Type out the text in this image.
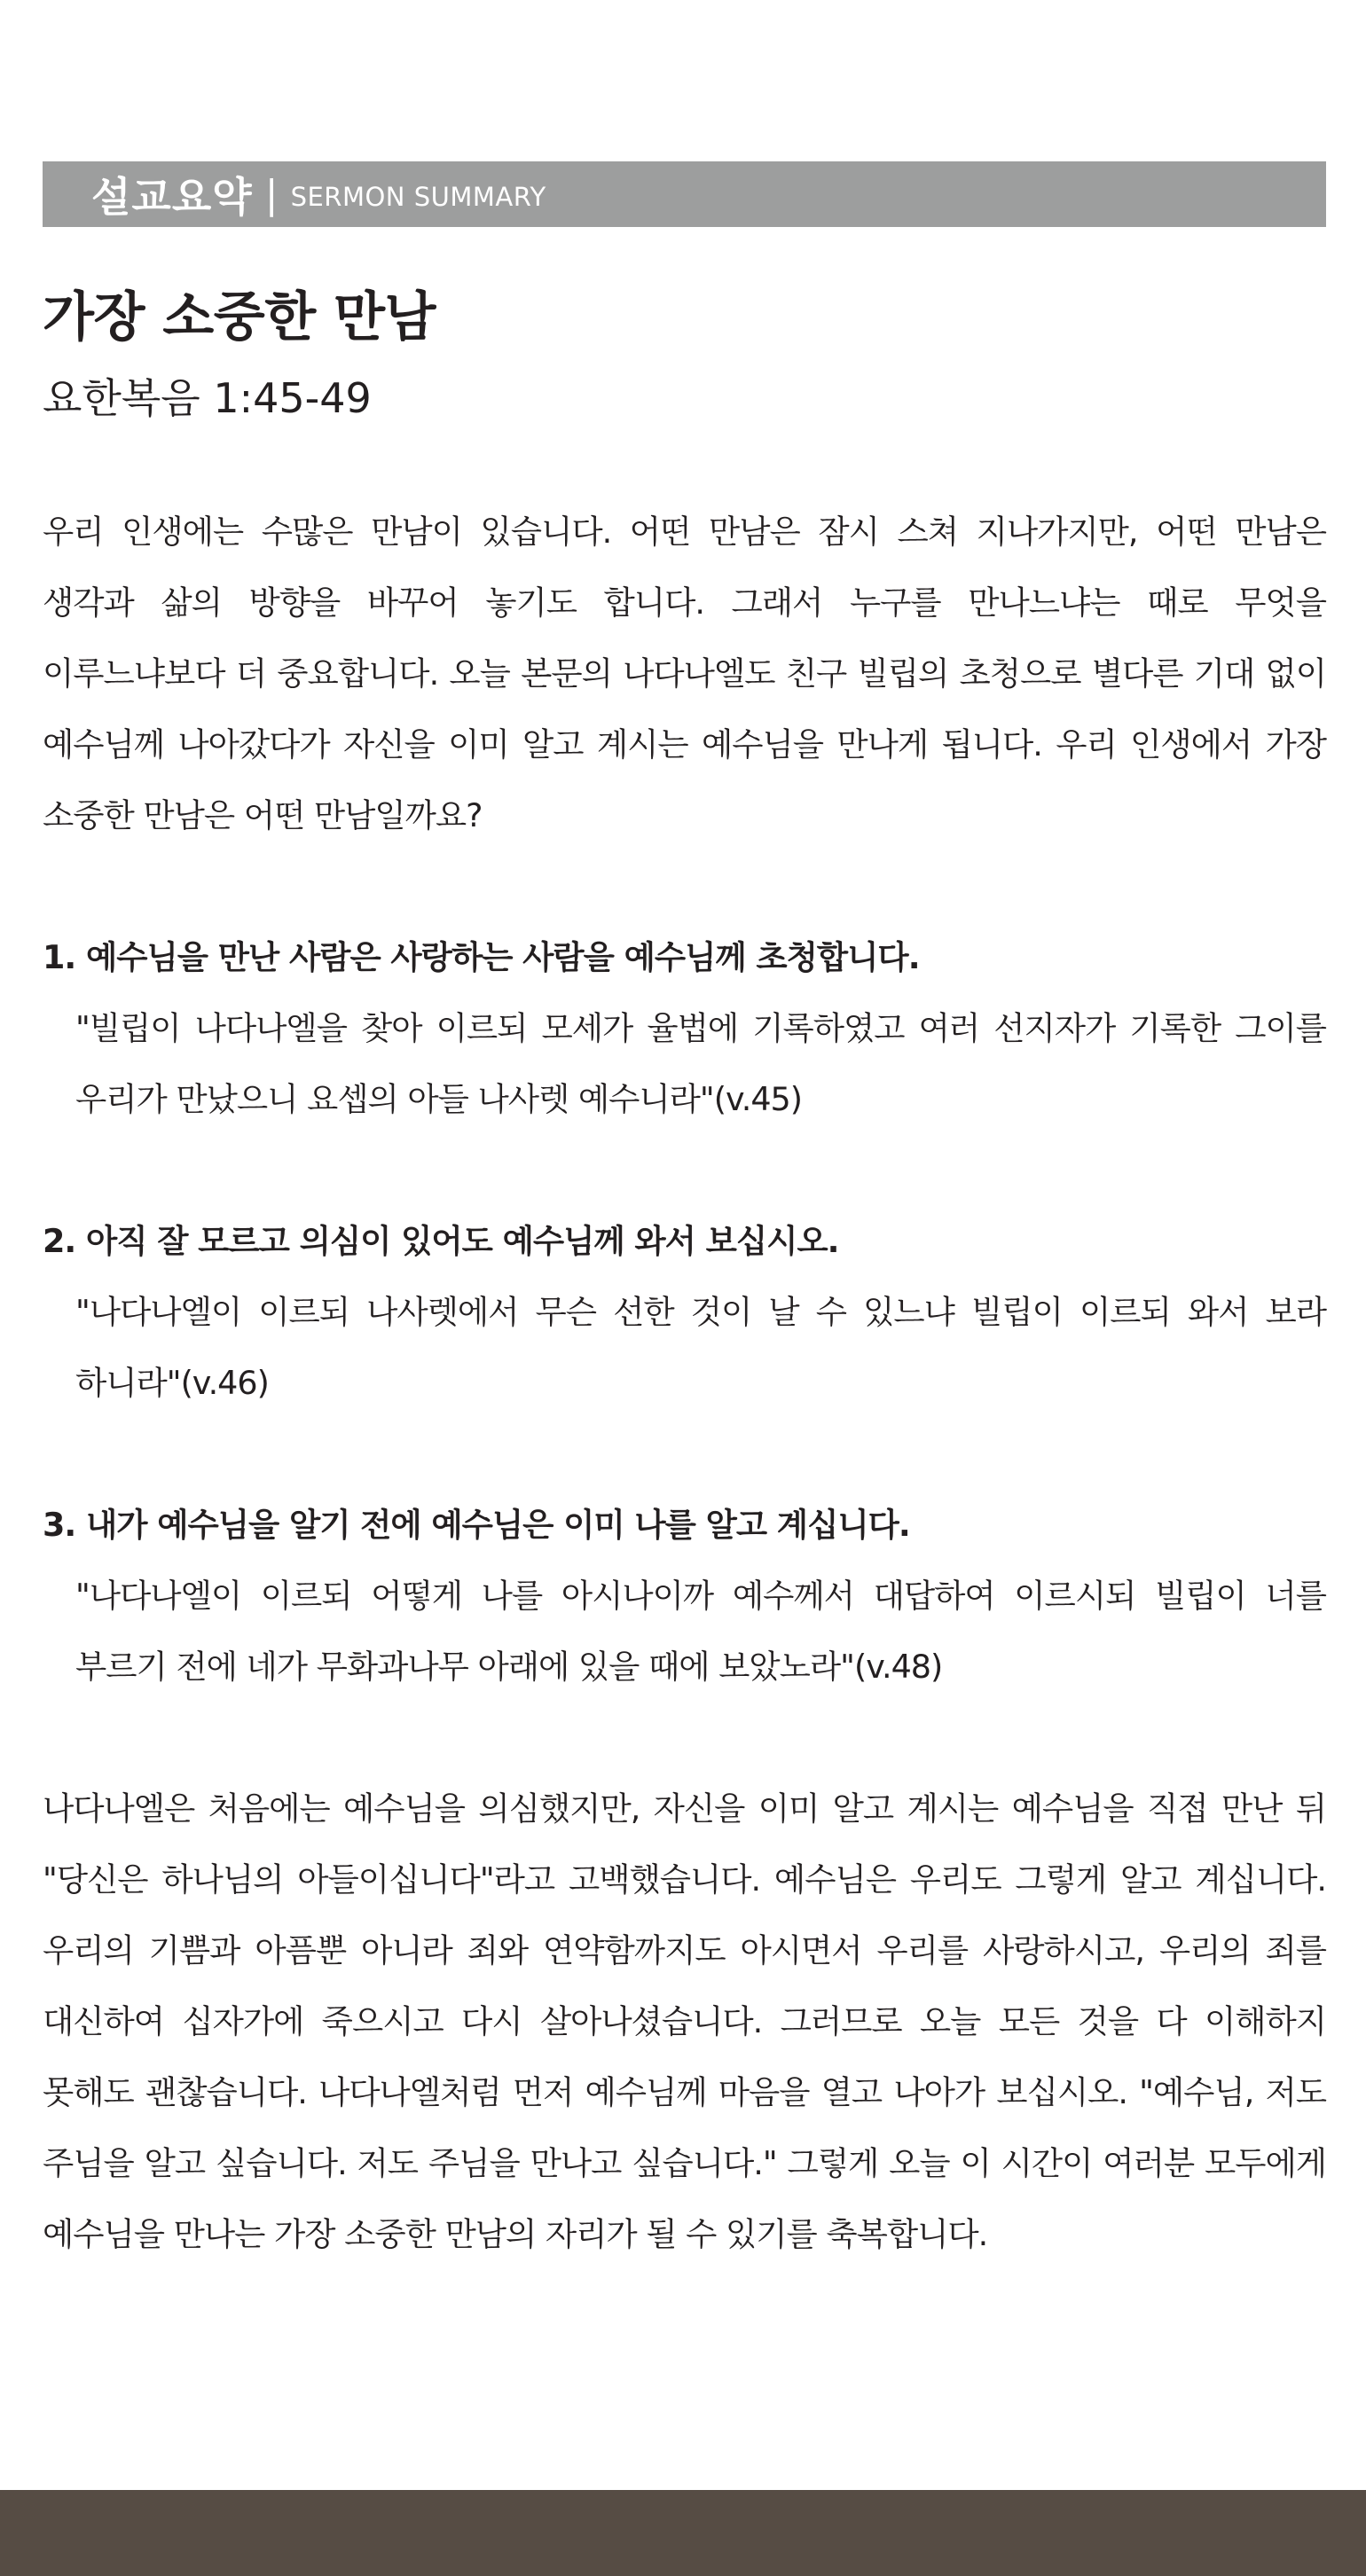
설교요약 | SERMON SUMMARY
가장 소중한 만남
요한복음 1:45-49

우리 인생에는 수많은 만남이 있습니다. 어떤 만남은 잠시 스쳐 지나가지만, 어떤 만남은 생각과 삶의 방향을 바꾸어 놓기도 합니다. 그래서 누구를 만나느냐는 때로 무엇을 이루느냐보다 더 중요합니다. 오늘 본문의 나다나엘도 친구 빌립의 초청으로 별다른 기대 없이 예수님께 나아갔다가 자신을 이미 알고 계시는 예수님을 만나게 됩니다. 우리 인생에서 가장 소중한 만남은 어떤 만남일까요?

1. 예수님을 만난 사람은 사랑하는 사람을 예수님께 초청합니다.

"빌립이 나다나엘을 찾아 이르되 모세가 율법에 기록하였고 여러 선지자가 기록한 그이를 우리가 만났으니 요셉의 아들 나사렛 예수니라"(v.45)

2. 아직 잘 모르고 의심이 있어도 예수님께 와서 보십시오.

"나다나엘이 이르되 나사렛에서 무슨 선한 것이 날 수 있느냐 빌립이 이르되 와서 보라 하니라"(v.46)

3. 내가 예수님을 알기 전에 예수님은 이미 나를 알고 계십니다.

"나다나엘이 이르되 어떻게 나를 아시나이까 예수께서 대답하여 이르시되 빌립이 너를 부르기 전에 네가 무화과나무 아래에 있을 때에 보았노라"(v.48)

나다나엘은 처음에는 예수님을 의심했지만, 자신을 이미 알고 계시는 예수님을 직접 만난 뒤 "당신은 하나님의 아들이십니다"라고 고백했습니다. 예수님은 우리도 그렇게 알고 계십니다. 우리의 기쁨과 아픔뿐 아니라 죄와 연약함까지도 아시면서 우리를 사랑하시고, 우리의 죄를 대신하여 십자가에 죽으시고 다시 살아나셨습니다. 그러므로 오늘 모든 것을 다 이해하지 못해도 괜찮습니다. 나다나엘처럼 먼저 예수님께 마음을 열고 나아가 보십시오. "예수님, 저도 주님을 알고 싶습니다. 저도 주님을 만나고 싶습니다." 그렇게 오늘 이 시간이 여러분 모두에게 예수님을 만나는 가장 소중한 만남의 자리가 될 수 있기를 축복합니다.
